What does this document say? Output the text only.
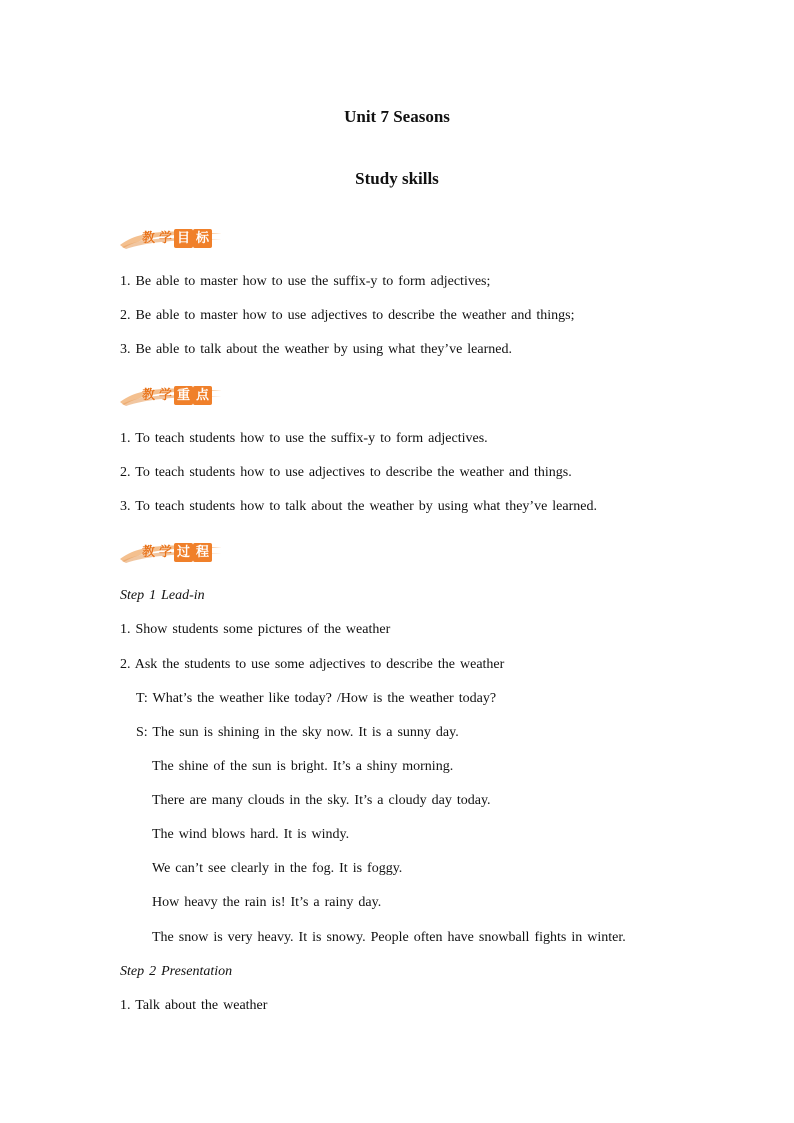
Unit 7 Seasons
Study skills
教 学 目 标
1. Be able to master how to use the suffix-y to form adjectives;
2. Be able to master how to use adjectives to describe the weather and things;
3. Be able to talk about the weather by using what they’ve learned.
教 学 重 点
1. To teach students how to use the suffix-y to form adjectives.
2. To teach students how to use adjectives to describe the weather and things.
3. To teach students how to talk about the weather by using what they’ve learned.
教 学 过 程
Step 1 Lead-in
1. Show students some pictures of the weather
2. Ask the students to use some adjectives to describe the weather
T: What’s the weather like today? /How is the weather today?
S: The sun is shining in the sky now. It is a sunny day.
The shine of the sun is bright. It’s a shiny morning.
There are many clouds in the sky. It’s a cloudy day today.
The wind blows hard. It is windy.
We can’t see clearly in the fog. It is foggy.
How heavy the rain is! It’s a rainy day.
The snow is very heavy. It is snowy. People often have snowball fights in winter.
Step 2 Presentation
1. Talk about the weather
